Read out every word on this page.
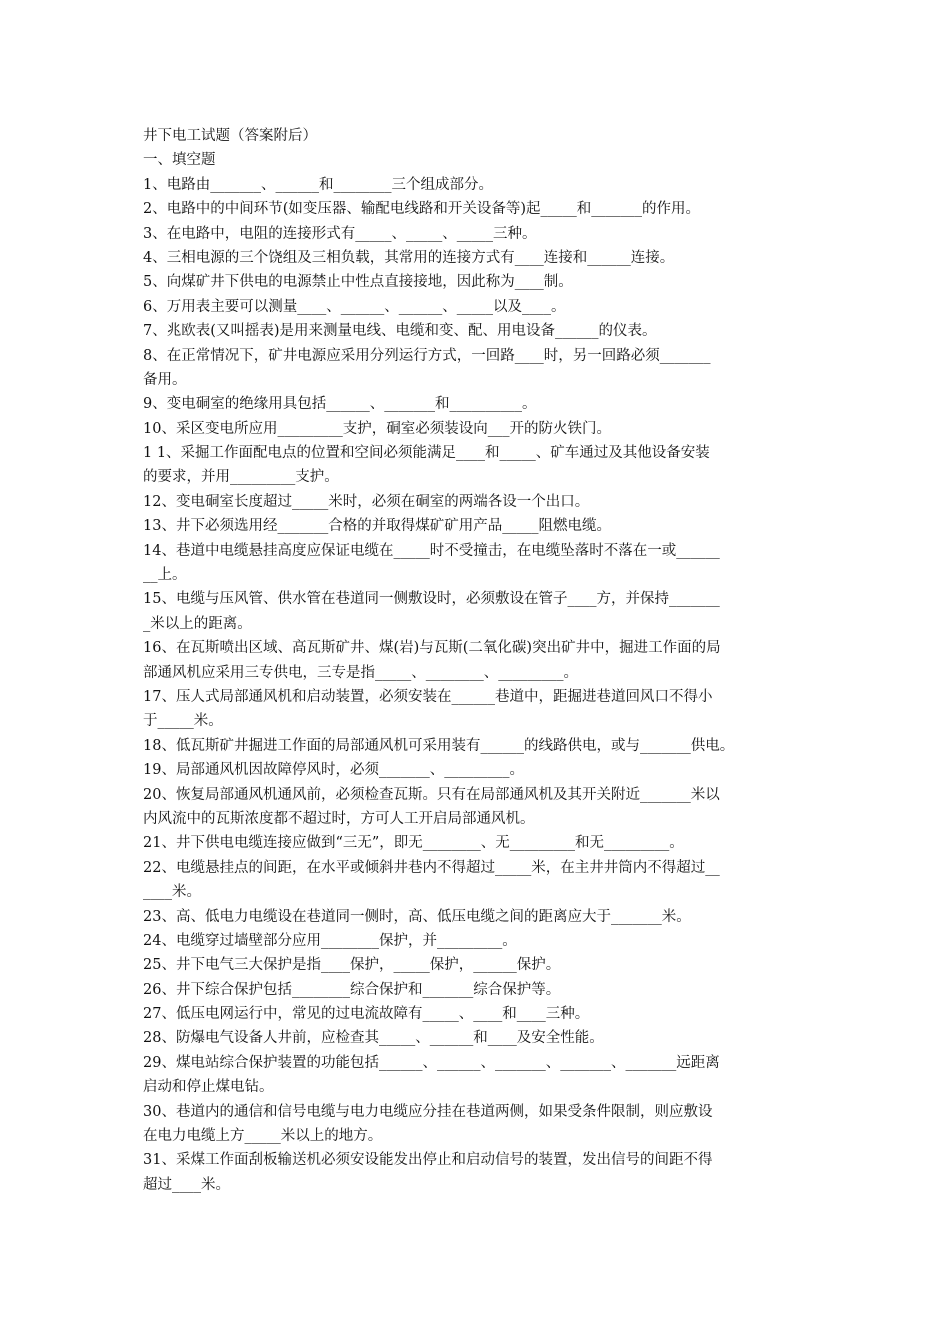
井下电工试题（答案附后）
一、填空题
1、电路由_______、______和________三个组成部分。
2、电路中的中间环节(如变压器、输配电线路和开关设备等)起_____和_______的作用。
3、在电路中，电阻的连接形式有_____、_____、_____三种。
4、三相电源的三个饶组及三相负载，其常用的连接方式有____连接和______连接。
5、向煤矿井下供电的电源禁止中性点直接接地，因此称为____制。
6、万用表主要可以测量____、______、______、_____以及____。
7、兆欧表(又叫摇表)是用来测量电线、电缆和变、配、用电设备______的仪表。
8、在正常情况下，矿井电源应采用分列运行方式，一回路____时，另一回路必须_______
备用。
9、变电硐室的绝缘用具包括______、_______和__________。
10、采区变电所应用_________支护，硐室必须装设向___开的防火铁门。
1 1、采掘工作面配电点的位置和空间必须能满足____和_____、矿车通过及其他设备安装
的要求，并用_________支护。
12、变电硐室长度超过_____米时，必须在硐室的两端各设一个出口。
13、井下必须选用经_______合格的并取得煤矿矿用产品_____阻燃电缆。
14、巷道中电缆悬挂高度应保证电缆在_____时不受撞击，在电缆坠落时不落在一或______
__上。
15、电缆与压风管、供水管在巷道同一侧敷设时，必须敷设在管子____方，并保持_______
_米以上的距离。
16、在瓦斯喷出区域、高瓦斯矿井、煤(岩)与瓦斯(二氧化碳)突出矿井中，掘进工作面的局
部通风机应采用三专供电，三专是指_____、________、_________。
17、压人式局部通风机和启动装置，必须安装在______巷道中，距掘进巷道回风口不得小
于_____米。
18、低瓦斯矿井掘进工作面的局部通风机可采用装有______的线路供电，或与_______供电。
19、局部通风机因故障停风时，必须_______、_________。
20、恢复局部通风机通风前，必须检查瓦斯。只有在局部通风机及其开关附近_______米以
内风流中的瓦斯浓度都不超过时，方可人工开启局部通风机。
21、井下供电电缆连接应做到“三无”，即无________、无_________和无_________。
22、电缆悬挂点的间距，在水平或倾斜井巷内不得超过_____米，在主井井筒内不得超过__
____米。
23、高、低电力电缆设在巷道同一侧时，高、低压电缆之间的距离应大于_______米。
24、电缆穿过墙壁部分应用________保护，并_________。
25、井下电气三大保护是指____保护，_____保护，______保护。
26、井下综合保护包括________综合保护和_______综合保护等。
27、低压电网运行中，常见的过电流故障有_____、____和____三种。
28、防爆电气设备人井前，应检查其_____、______和____及安全性能。
29、煤电站综合保护装置的功能包括______、______、_______、_______、_______远距离
启动和停止煤电钻。
30、巷道内的通信和信号电缆与电力电缆应分挂在巷道两侧，如果受条件限制，则应敷设
在电力电缆上方_____米以上的地方。
31、采煤工作面刮板输送机必须安设能发出停止和启动信号的装置，发出信号的间距不得
超过____米。
